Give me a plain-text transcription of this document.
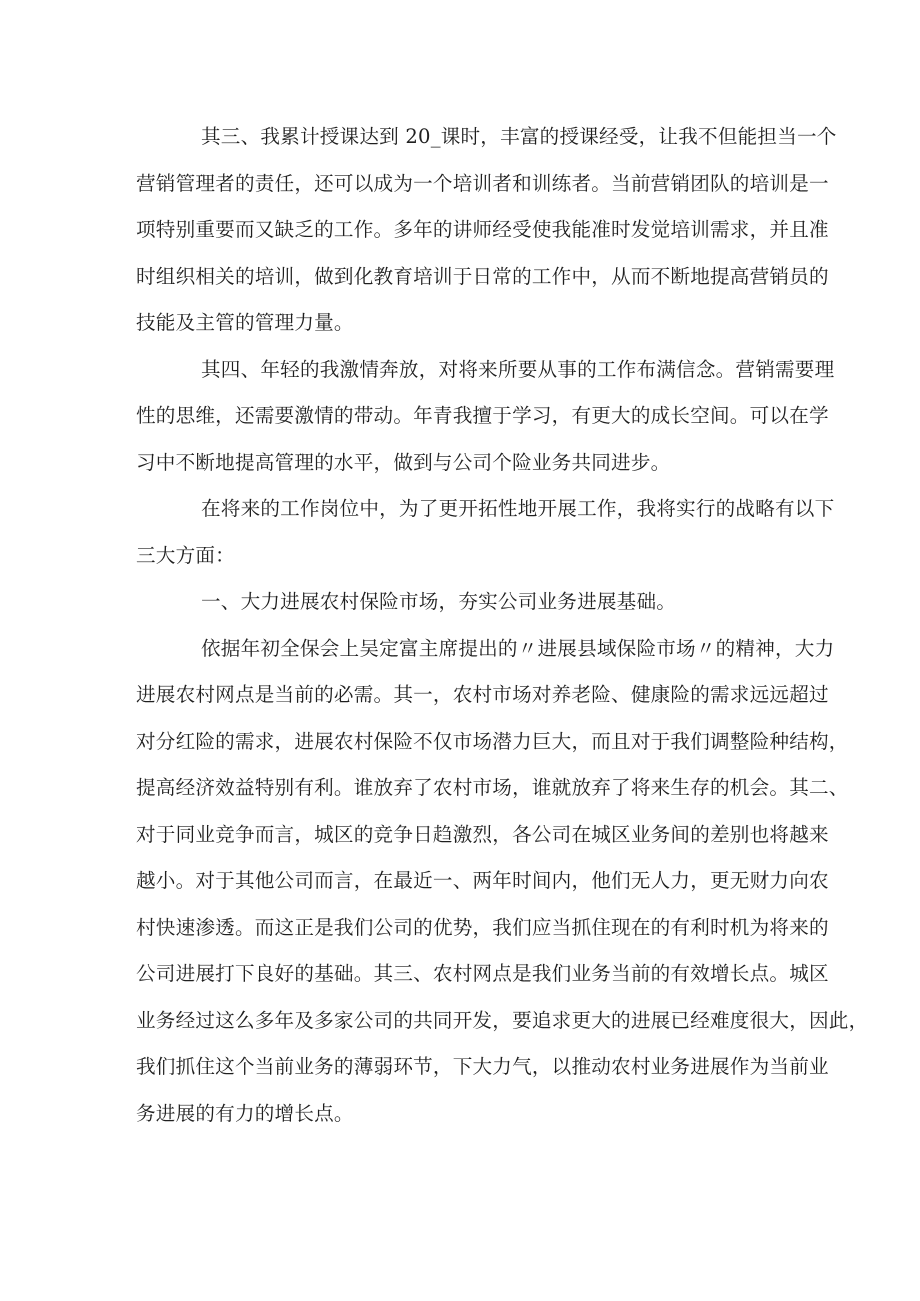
其三、我累计授课达到 20_课时，丰富的授课经受，让我不但能担当一个
营销管理者的责任，还可以成为一个培训者和训练者。当前营销团队的培训是一
项特别重要而又缺乏的工作。多年的讲师经受使我能准时发觉培训需求，并且准
时组织相关的培训，做到化教育培训于日常的工作中，从而不断地提高营销员的
技能及主管的管理力量。
其四、年轻的我激情奔放，对将来所要从事的工作布满信念。营销需要理
性的思维，还需要激情的带动。年青我擅于学习，有更大的成长空间。可以在学
习中不断地提高管理的水平，做到与公司个险业务共同进步。
在将来的工作岗位中，为了更开拓性地开展工作，我将实行的战略有以下
三大方面：
一、大力进展农村保险市场，夯实公司业务进展基础。
依据年初全保会上吴定富主席提出的〃进展县域保险市场〃的精神，大力
进展农村网点是当前的必需。其一，农村市场对养老险、健康险的需求远远超过
对分红险的需求，进展农村保险不仅市场潜力巨大，而且对于我们调整险种结构，
提高经济效益特别有利。谁放弃了农村市场，谁就放弃了将来生存的机会。其二、
对于同业竞争而言，城区的竞争日趋激烈，各公司在城区业务间的差别也将越来
越小。对于其他公司而言，在最近一、两年时间内，他们无人力，更无财力向农
村快速渗透。而这正是我们公司的优势，我们应当抓住现在的有利时机为将来的
公司进展打下良好的基础。其三、农村网点是我们业务当前的有效增长点。城区
业务经过这么多年及多家公司的共同开发，要追求更大的进展已经难度很大，因此，
我们抓住这个当前业务的薄弱环节，下大力气，以推动农村业务进展作为当前业
务进展的有力的增长点。
